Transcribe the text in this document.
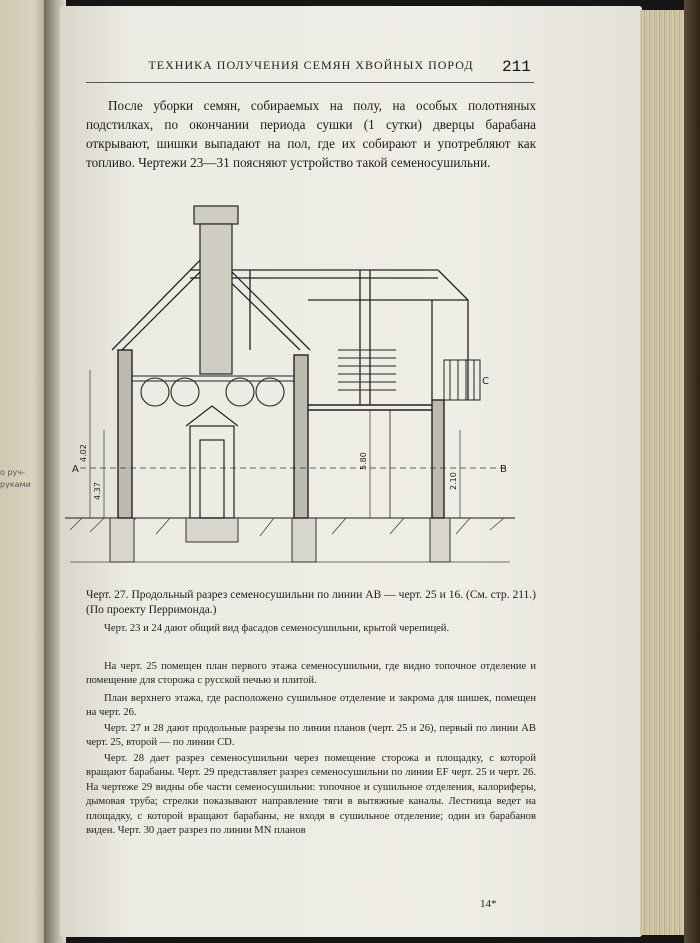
о руч-
руками
ТЕХНИКА ПОЛУЧЕНИЯ СЕМЯН ХВОЙНЫХ ПОРОД	211

После уборки семян, собираемых на полу, на особых полотняных подстилках, по окончании периода сушки (1 сутки) дверцы барабана открывают, шишки выпадают на пол, где их собирают и употребляют как топливо. Чертежи 23—31 поясняют устройство такой семеносушильни.

4.02
4.37
5.80
2.10
A	B
C

Черт. 27. Продольный разрез семеносушильни по линии AB — черт. 25 и 16. (См. стр. 211.) (По проекту Перримонда.)

Черт. 23 и 24 дают общий вид фасадов семеносушильни, крытой черепицей.

На черт. 25 помещен план первого этажа семеносушильни, где видно топочное отделение и помещение для сторожа с русской печью и плитой.

План верхнего этажа, где расположено сушильное отделение и закрома для шишек, помещен на черт. 26.

Черт. 27 и 28 дают продольные разрезы по линии планов (черт. 25 и 26), первый по линии AB черт. 25, второй — по линии CD.

Черт. 28 дает разрез семеносушильни через помещение сторожа и площадку, с которой вращают барабаны. Черт. 29 представляет разрез семеносушильни по линии EF черт. 25 и черт. 26. На чертеже 29 видны обе части семеносушильни: топочное и сушильное отделения, калориферы, дымовая труба; стрелки показывают направление тяги в вытяжные каналы. Лестница ведет на площадку, с которой вращают барабаны, не входя в сушильное отделение; один из барабанов виден. Черт. 30 дает разрез по линии MN планов

14*
